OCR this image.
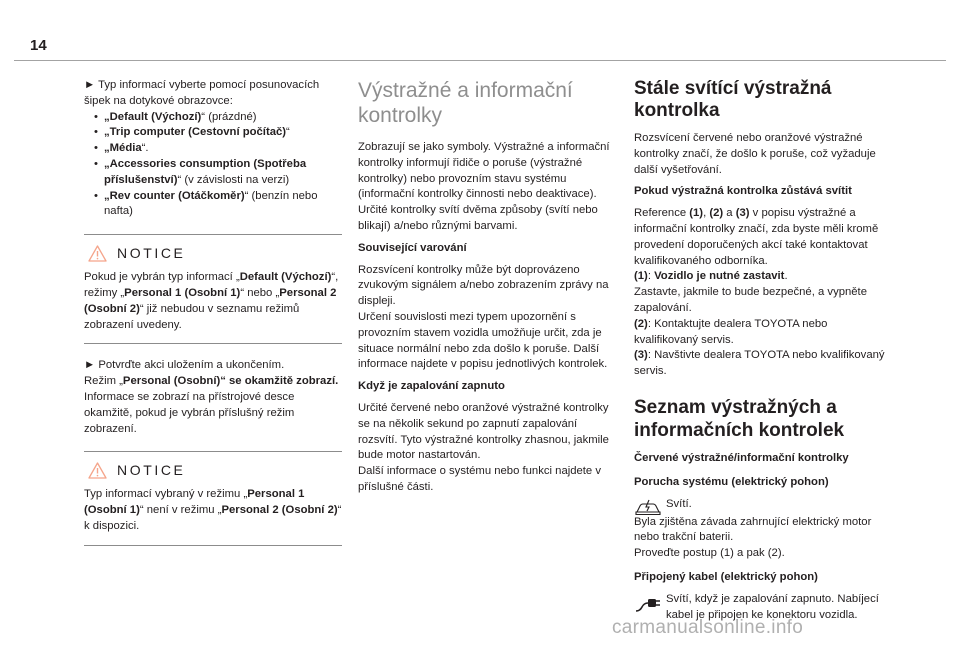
14

► Typ informací vyberte pomocí posunovacích šipek na dotykové obrazovce:

• „Default (Výchozí)“ (prázdné)
• „Trip computer (Cestovní počítač)“
• „Média“.
• „Accessories consumption (Spotřeba příslušenství)“ (v závislosti na verzi)
• „Rev counter (Otáčkoměr)“ (benzín nebo nafta)
NOTICE

Pokud je vybrán typ informací „Default (Výchozí)“, režimy „Personal 1 (Osobní 1)“ nebo „Personal 2 (Osobní 2)“ již nebudou v seznamu režimů zobrazení uvedeny.

► Potvrďte akci uložením a ukončením.

Režim „Personal (Osobní)“ se okamžitě zobrazí.

Informace se zobrazí na přístrojové desce okamžitě, pokud je vybrán příslušný režim zobrazení.

NOTICE

Typ informací vybraný v režimu „Personal 1 (Osobní 1)“ není v režimu „Personal 2 (Osobní 2)“ k dispozici.

Výstražné a informační kontrolky

Zobrazují se jako symboly. Výstražné a informační kontrolky informují řidiče o poruše (výstražné kontrolky) nebo provozním stavu systému (informační kontrolky činnosti nebo deaktivace). Určité kontrolky svítí dvěma způsoby (svítí nebo blikají) a/nebo různými barvami.

Související varování

Rozsvícení kontrolky může být doprovázeno zvukovým signálem a/nebo zobrazením zprávy na displeji.

Určení souvislosti mezi typem upozornění s provozním stavem vozidla umožňuje určit, zda je situace normální nebo zda došlo k poruše. Další informace najdete v popisu jednotlivých kontrolek.

Když je zapalování zapnuto

Určité červené nebo oranžové výstražné kontrolky se na několik sekund po zapnutí zapalování rozsvítí. Tyto výstražné kontrolky zhasnou, jakmile bude motor nastartován.

Další informace o systému nebo funkci najdete v příslušné části.

Stále svítící výstražná kontrolka

Rozsvícení červené nebo oranžové výstražné kontrolky značí, že došlo k poruše, což vyžaduje další vyšetřování.

Pokud výstražná kontrolka zůstává svítit

Reference (1), (2) a (3) v popisu výstražné a informační kontrolky značí, zda byste měli kromě provedení doporučených akcí také kontaktovat kvalifikovaného odborníka.

(1): Vozidlo je nutné zastavit.

Zastavte, jakmile to bude bezpečné, a vypněte zapalování.

(2): Kontaktujte dealera TOYOTA nebo kvalifikovaný servis.

(3): Navštivte dealera TOYOTA nebo kvalifikovaný servis.

Seznam výstražných a informačních kontrolek
Červené výstražné/informační kontrolky
Porucha systému (elektrický pohon)

Svítí.

Byla zjištěna závada zahrnující elektrický motor nebo trakční baterii.

Proveďte postup (1) a pak (2).

Připojený kabel (elektrický pohon)

Svítí, když je zapalování zapnuto. Nabíjecí kabel je připojen ke konektoru vozidla.

carmanualsonline.info
